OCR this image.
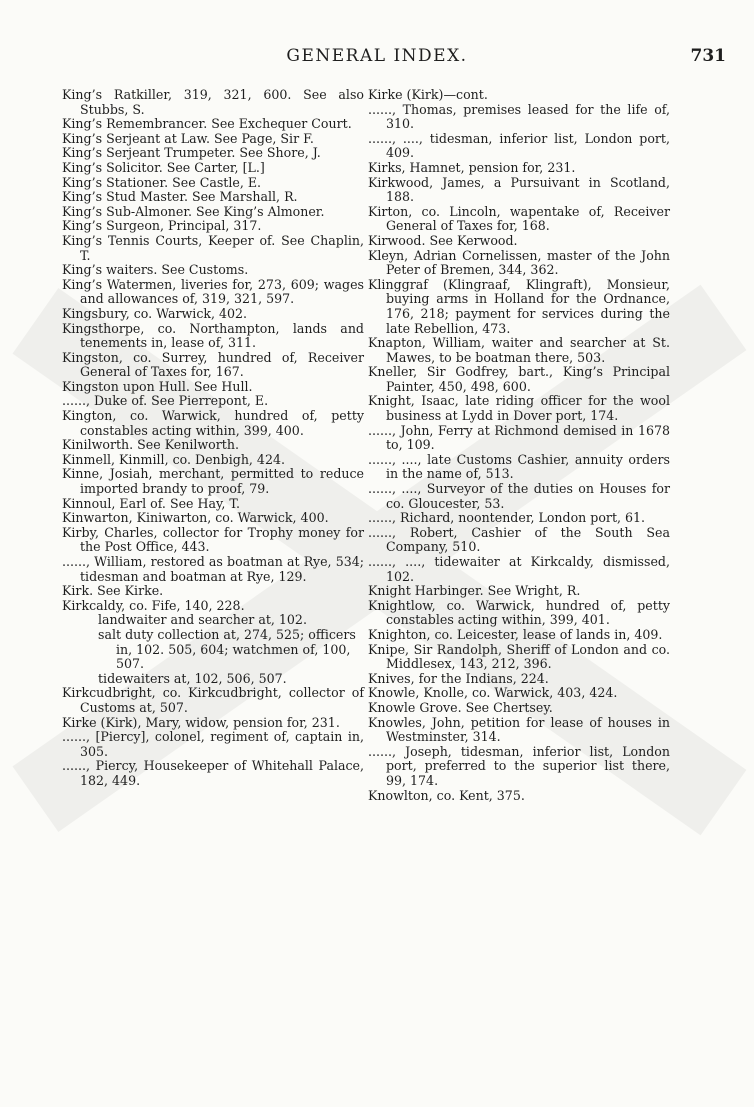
GENERAL INDEX.	731
King’s Ratkiller, 319, 321, 600. See also Stubbs, S.
King’s Remembrancer. See Exchequer Court.
King’s Serjeant at Law. See Page, Sir F.
King’s Serjeant Trumpeter. See Shore, J.
King’s Solicitor. See Carter, [L.]
King’s Stationer. See Castle, E.
King’s Stud Master. See Marshall, R.
King’s Sub-Almoner. See King’s Almoner.
King’s Surgeon, Principal, 317.
King’s Tennis Courts, Keeper of. See Chaplin, T.
King’s waiters. See Customs.
King’s Watermen, liveries for, 273, 609; wages and allowances of, 319, 321, 597.
Kingsbury, co. Warwick, 402.
Kingsthorpe, co. Northampton, lands and tenements in, lease of, 311.
Kingston, co. Surrey, hundred of, Receiver General of Taxes for, 167.
Kingston upon Hull. See Hull.
......, Duke of. See Pierrepont, E.
Kington, co. Warwick, hundred of, petty constables acting within, 399, 400.
Kinilworth. See Kenilworth.
Kinmell, Kinmill, co. Denbigh, 424.
Kinne, Josiah, merchant, permitted to reduce imported brandy to proof, 79.
Kinnoul, Earl of. See Hay, T.
Kinwarton, Kiniwarton, co. Warwick, 400.
Kirby, Charles, collector for Trophy money for the Post Office, 443.
......, William, restored as boatman at Rye, 534; tidesman and boatman at Rye, 129.
Kirk. See Kirke.
Kirkcaldy, co. Fife, 140, 228.
landwaiter and searcher at, 102.
salt duty collection at, 274, 525; officers in, 102. 505, 604; watchmen of, 100, 507.
tidewaiters at, 102, 506, 507.
Kirkcudbright, co. Kirkcudbright, collector of Customs at, 507.
Kirke (Kirk), Mary, widow, pension for, 231.
......, [Piercy], colonel, regiment of, captain in, 305.
......, Piercy, Housekeeper of Whitehall Palace, 182, 449.
Kirke (Kirk)—cont.
......, Thomas, premises leased for the life of, 310.
......, ...., tidesman, inferior list, London port, 409.
Kirks, Hamnet, pension for, 231.
Kirkwood, James, a Pursuivant in Scotland, 188.
Kirton, co. Lincoln, wapentake of, Receiver General of Taxes for, 168.
Kirwood. See Kerwood.
Kleyn, Adrian Cornelissen, master of the John Peter of Bremen, 344, 362.
Klinggraf (Klingraaf, Klingraft), Monsieur, buying arms in Holland for the Ordnance, 176, 218; payment for services during the late Rebellion, 473.
Knapton, William, waiter and searcher at St. Mawes, to be boatman there, 503.
Kneller, Sir Godfrey, bart., King’s Principal Painter, 450, 498, 600.
Knight, Isaac, late riding officer for the wool business at Lydd in Dover port, 174.
......, John, Ferry at Richmond demised in 1678 to, 109.
......, ...., late Customs Cashier, annuity orders in the name of, 513.
......, ...., Surveyor of the duties on Houses for co. Gloucester, 53.
......, Richard, noontender, London port, 61.
......, Robert, Cashier of the South Sea Company, 510.
......, ...., tidewaiter at Kirkcaldy, dismissed, 102.
Knight Harbinger. See Wright, R.
Knightlow, co. Warwick, hundred of, petty constables acting within, 399, 401.
Knighton, co. Leicester, lease of lands in, 409.
Knipe, Sir Randolph, Sheriff of London and co. Middlesex, 143, 212, 396.
Knives, for the Indians, 224.
Knowle, Knolle, co. Warwick, 403, 424.
Knowle Grove. See Chertsey.
Knowles, John, petition for lease of houses in Westminster, 314.
......, Joseph, tidesman, inferior list, London port, preferred to the superior list there, 99, 174.
Knowlton, co. Kent, 375.
